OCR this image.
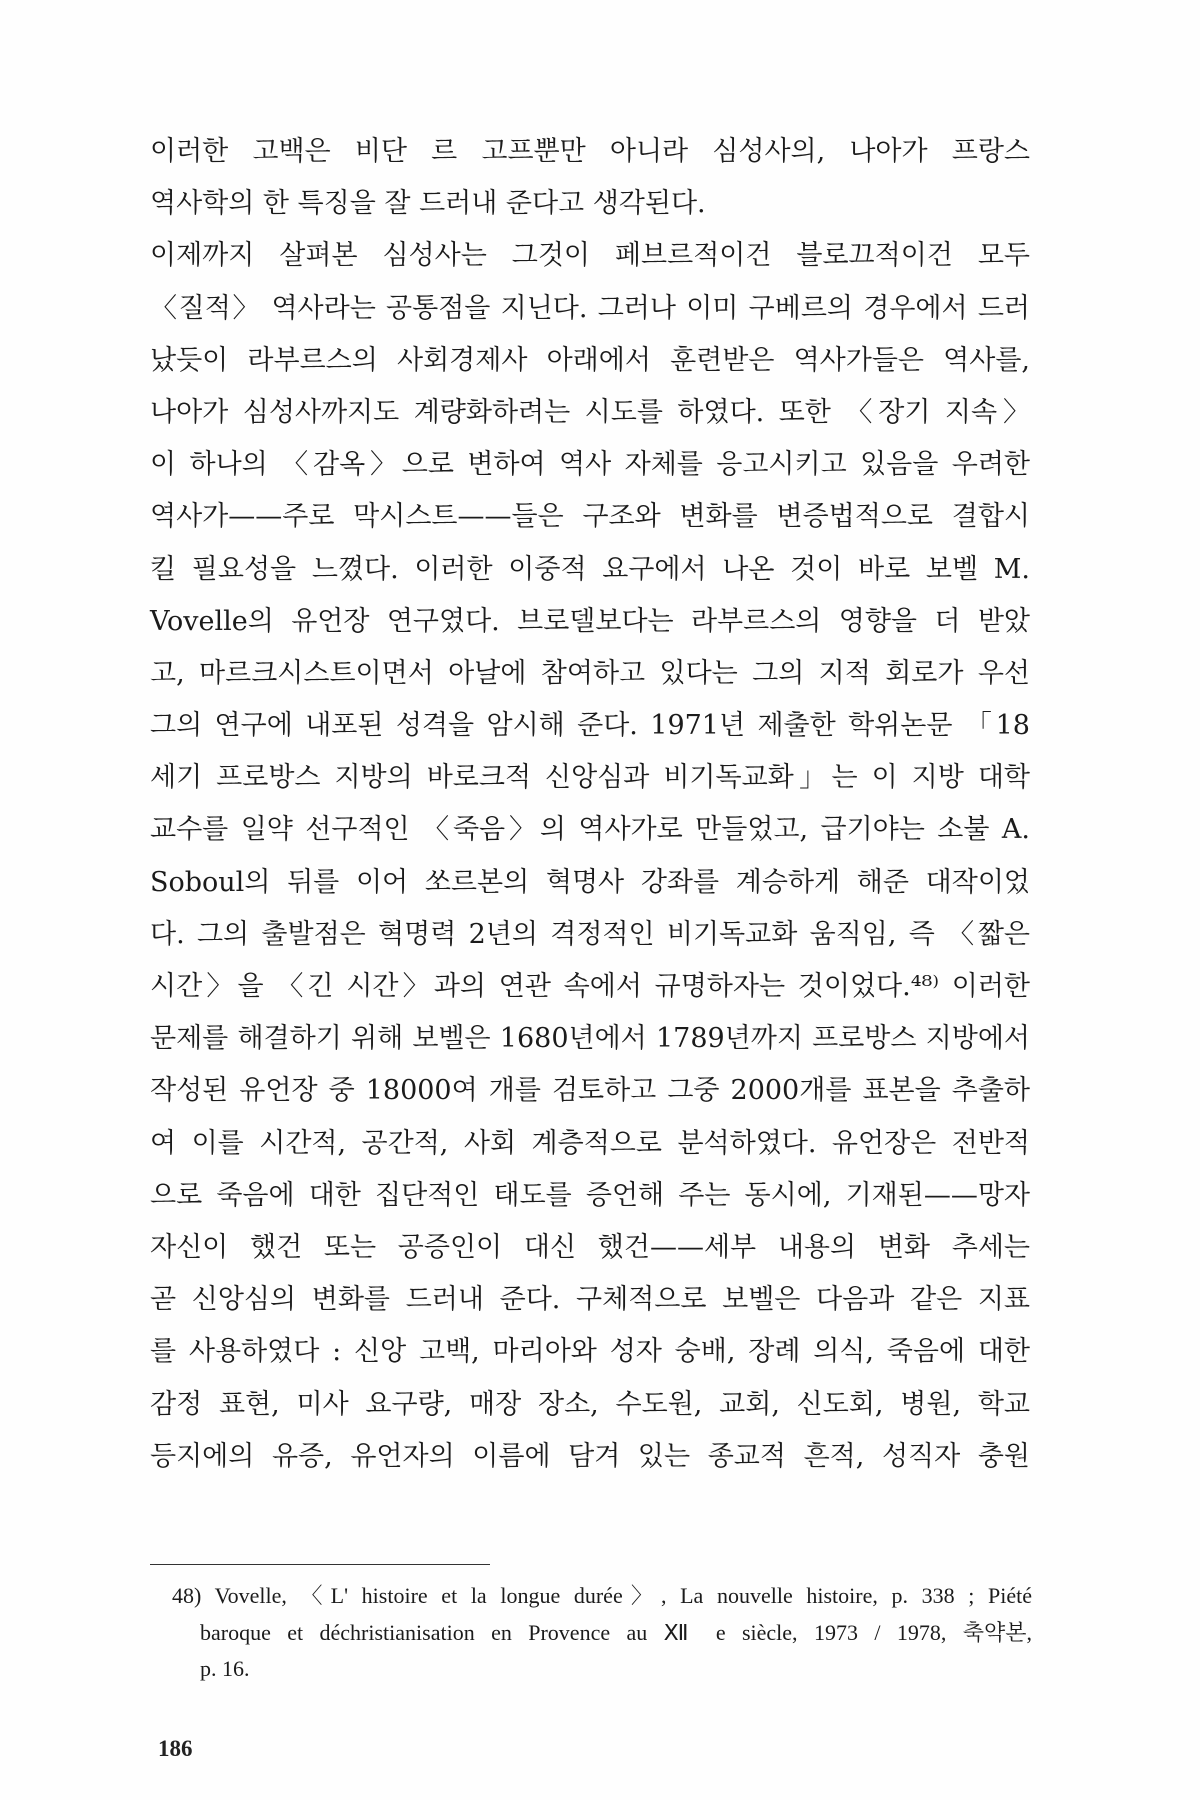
이러한 고백은 비단 르 고프뿐만 아니라 심성사의, 나아가 프랑스
역사학의 한 특징을 잘 드러내 준다고 생각된다.
이제까지 살펴본 심성사는 그것이 페브르적이건 블로끄적이건 모두
〈질적〉 역사라는 공통점을 지닌다. 그러나 이미 구베르의 경우에서 드러
났듯이 라부르스의 사회경제사 아래에서 훈련받은 역사가들은 역사를,
나아가 심성사까지도 계량화하려는 시도를 하였다. 또한 〈장기 지속〉
이 하나의 〈감옥〉으로 변하여 역사 자체를 응고시키고 있음을 우려한
역사가——주로 막시스트——들은 구조와 변화를 변증법적으로 결합시
킬 필요성을 느꼈다. 이러한 이중적 요구에서 나온 것이 바로 보벨 M.
Vovelle의 유언장 연구였다. 브로델보다는 라부르스의 영향을 더 받았
고, 마르크시스트이면서 아날에 참여하고 있다는 그의 지적 회로가 우선
그의 연구에 내포된 성격을 암시해 준다. 1971년 제출한 학위논문 「18
세기 프로방스 지방의 바로크적 신앙심과 비기독교화」는 이 지방 대학
교수를 일약 선구적인 〈죽음〉의 역사가로 만들었고, 급기야는 소불 A.
Soboul의 뒤를 이어 쏘르본의 혁명사 강좌를 계승하게 해준 대작이었
다. 그의 출발점은 혁명력 2년의 격정적인 비기독교화 움직임, 즉 〈짧은
시간〉을 〈긴 시간〉과의 연관 속에서 규명하자는 것이었다.⁴⁸⁾ 이러한
문제를 해결하기 위해 보벨은 1680년에서 1789년까지 프로방스 지방에서
작성된 유언장 중 18000여 개를 검토하고 그중 2000개를 표본을 추출하
여 이를 시간적, 공간적, 사회 계층적으로 분석하였다. 유언장은 전반적
으로 죽음에 대한 집단적인 태도를 증언해 주는 동시에, 기재된——망자
자신이 했건 또는 공증인이 대신 했건——세부 내용의 변화 추세는
곧 신앙심의 변화를 드러내 준다. 구체적으로 보벨은 다음과 같은 지표
를 사용하였다 : 신앙 고백, 마리아와 성자 숭배, 장례 의식, 죽음에 대한
감정 표현, 미사 요구량, 매장 장소, 수도원, 교회, 신도회, 병원, 학교
등지에의 유증, 유언자의 이름에 담겨 있는 종교적 흔적, 성직자 충원
48) Vovelle, 〈L' histoire et la longue durée〉, La nouvelle histoire, p. 338 ; Piété
baroque et déchristianisation en Provence au Ⅻ e siècle, 1973 / 1978, 축약본,
p. 16.
186
